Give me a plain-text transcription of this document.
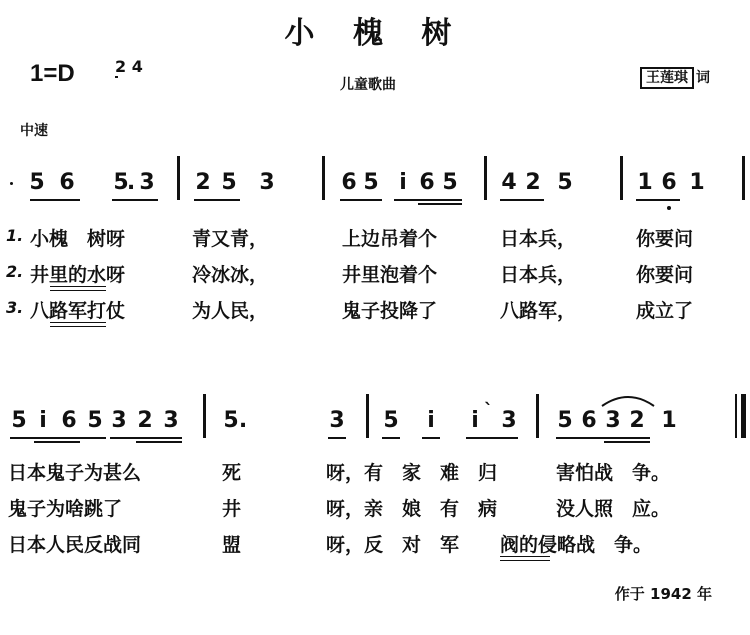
小 槐 树
1=D	2 4
儿童歌曲	王莲琪 词
中速
5 6 5
. 3 2 5 3	6 5 i 6 5 4 2 5	1 6 1
1. 小槐　树呀	青又青，	上边吊着个	日本兵，	你要问
2. 井里的水呀	冷冰冰，	井里泡着个	日本兵，	你要问
3. 八路军打仗	为人民，	鬼子投降了	八路军，	成立了
5 i 6 5 3 2 3 5 .	3 5 i i 3
`	5 6 3 2 1
日本鬼子为甚么	死	呀，有　家　难　归	害怕战　争。
鬼子为啥跳了	井	呀，亲　娘　有　病	没人照　应。
日本人民反战同	盟	呀，反　对　军 阀的侵略战　争。
作于 1942 年
